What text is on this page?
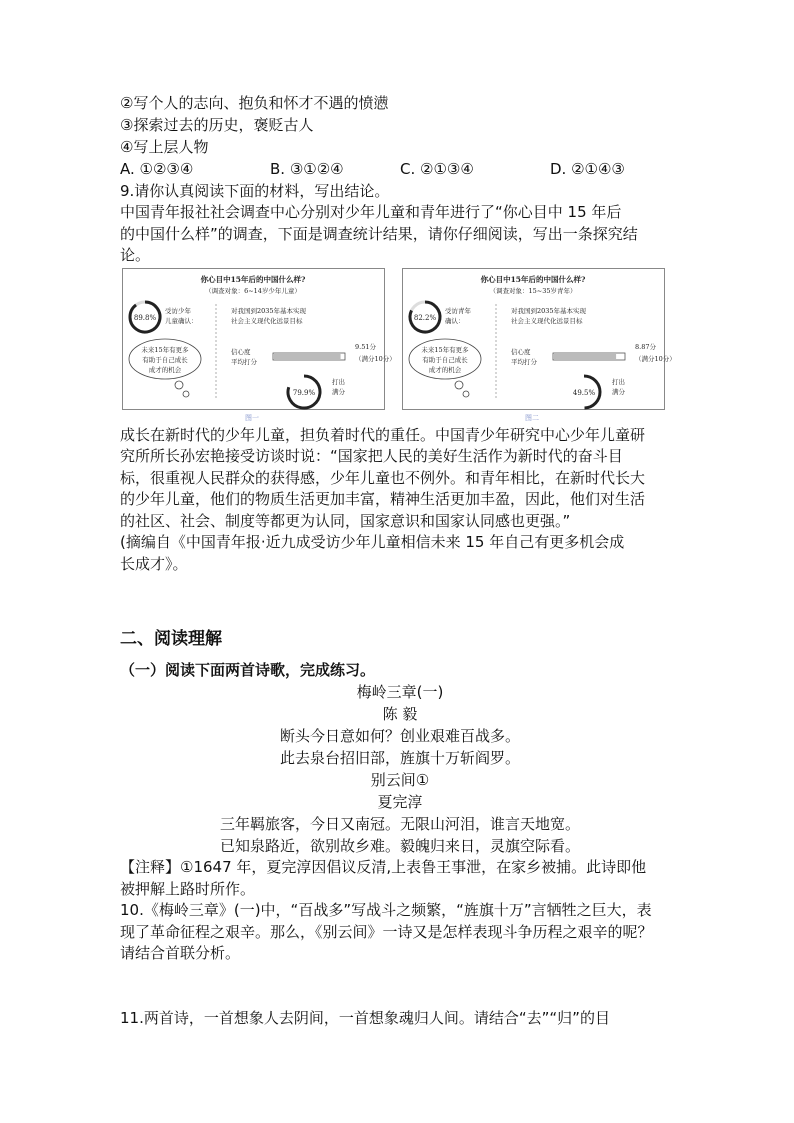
②写个人的志向、抱负和怀才不遇的愤懑
③探索过去的历史，褒贬古人
④写上层人物
A. ①②③④	B. ③①②④	C. ②①③④	D. ②①④③
9.请你认真阅读下面的材料，写出结论。
中国青年报社社会调查中心分别对少年儿童和青年进行了“你心目中 15 年后
的中国什么样”的调查，下面是调查统计结果，请你仔细阅读，写出一条探究结
论。
成长在新时代的少年儿童，担负着时代的重任。中国青少年研究中心少年儿童研
究所所长孙宏艳接受访谈时说：“国家把人民的美好生活作为新时代的奋斗目
标，很重视人民群众的获得感，少年儿童也不例外。和青年相比，在新时代长大
的少年儿童，他们的物质生活更加丰富，精神生活更加丰盈，因此，他们对生活
的社区、社会、制度等都更为认同，国家意识和国家认同感也更强。”
(摘编自《中国青年报·近九成受访少年儿童相信未来 15 年自己有更多机会成
长成才》。
二、阅读理解
（一）阅读下面两首诗歌，完成练习。
梅岭三章(一)
陈 毅
断头今日意如何？创业艰难百战多。
此去泉台招旧部，旌旗十万斩阎罗。
别云间①
夏完淳
三年羁旅客，今日又南冠。无限山河泪，谁言天地宽。
已知泉路近，欲别故乡难。毅魄归来日，灵旗空际看。
【注释】①1647 年，夏完淳因倡议反清,上表鲁王事泄，在家乡被捕。此诗即他
被押解上路时所作。
10.《梅岭三章》(一)中，“百战多”写战斗之频繁，“旌旗十万”言牺牲之巨大，表
现了革命征程之艰辛。那么，《别云间》一诗又是怎样表现斗争历程之艰辛的呢？
请结合首联分析。
11.两首诗，一首想象人去阴间，一首想象魂归人间。请结合“去”“归”的目
你心目中15年后的中国什么样?
（调查对象：6~14岁少年儿童）
89.8%
受访少年
儿童确认：
未来15年有更多
有助于自己成长
成才的机会
对我国到2035年基本实现
社会主义现代化远景目标
信心度
平均打分
9.51分
（满分10分）
79.9%
打出
满分
图一
你心目中15年后的中国什么样?
（调查对象：15~35岁青年）
82.2%
受访青年
确认：
未来15年有更多
有助于自己成长
成才的机会
对我国到2035年基本实现
社会主义现代化远景目标
信心度
平均打分
8.87分
（满分10分）
49.5%
打出
满分
图二
